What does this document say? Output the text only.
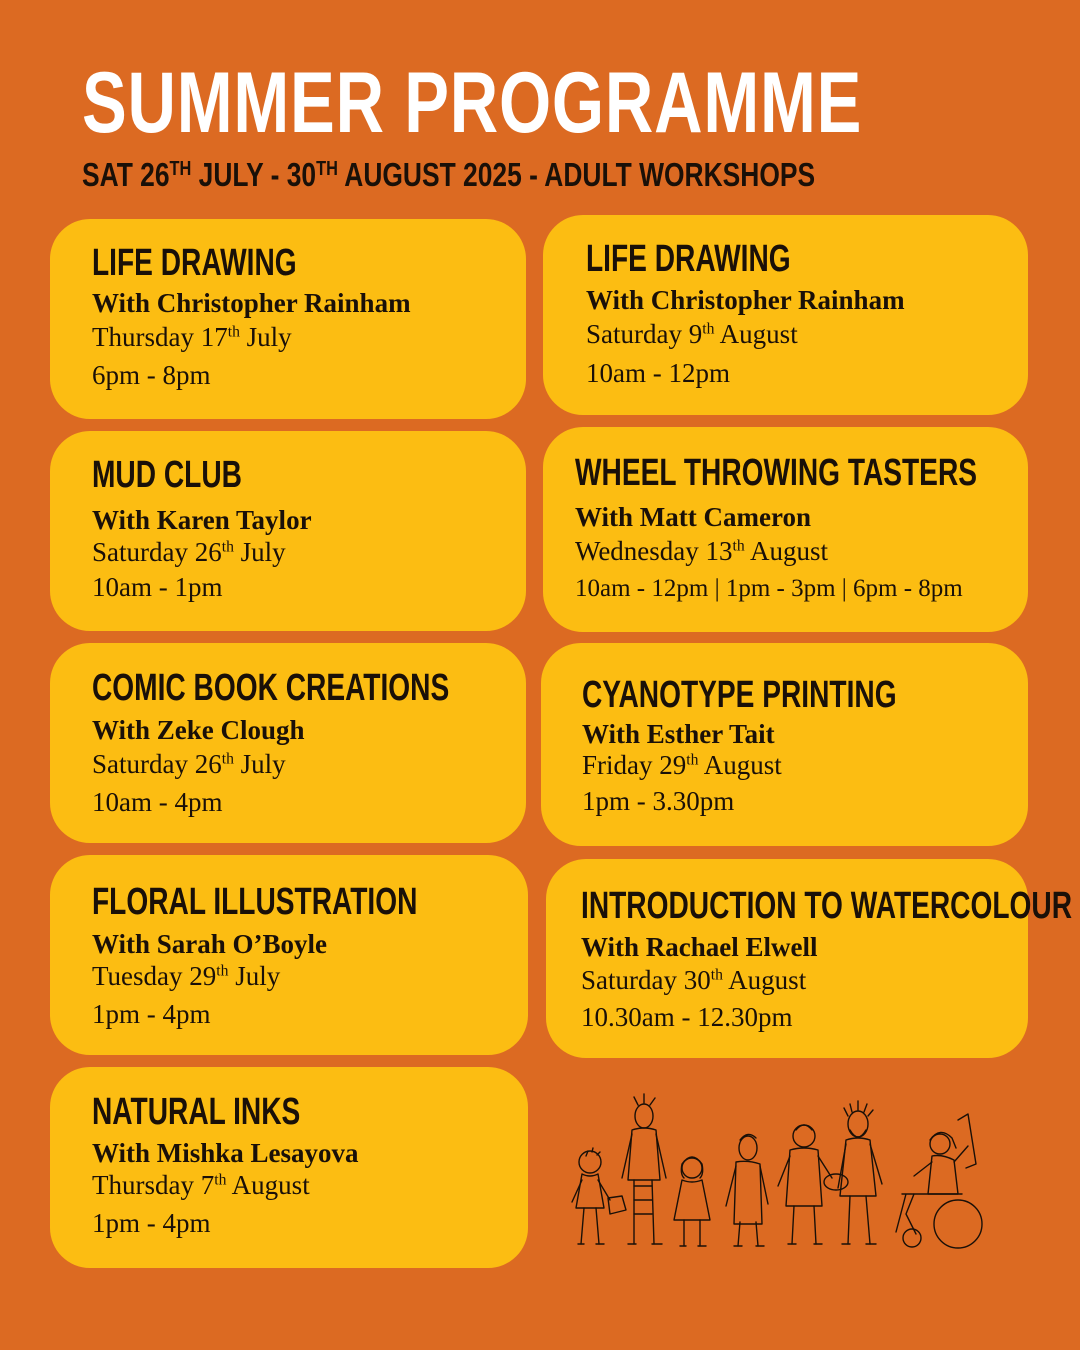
SUMMER PROGRAMME
SAT 26TH JULY - 30TH AUGUST 2025 - ADULT WORKSHOPS
LIFE DRAWING
With Christopher Rainham
Thursday 17th July
6pm - 8pm
LIFE DRAWING
With Christopher Rainham
Saturday 9th August
10am - 12pm
MUD CLUB
With Karen Taylor
Saturday 26th July
10am - 1pm
WHEEL THROWING TASTERS
With Matt Cameron
Wednesday 13th August
10am - 12pm | 1pm - 3pm | 6pm - 8pm
COMIC BOOK CREATIONS
With Zeke Clough
Saturday 26th July
10am - 4pm
CYANOTYPE PRINTING
With Esther Tait
Friday 29th August
1pm - 3.30pm
FLORAL ILLUSTRATION
With Sarah O’Boyle
Tuesday 29th July
1pm - 4pm
INTRODUCTION TO WATERCOLOUR
With Rachael Elwell
Saturday 30th August
10.30am - 12.30pm
NATURAL INKS
With Mishka Lesayova
Thursday 7th August
1pm - 4pm
